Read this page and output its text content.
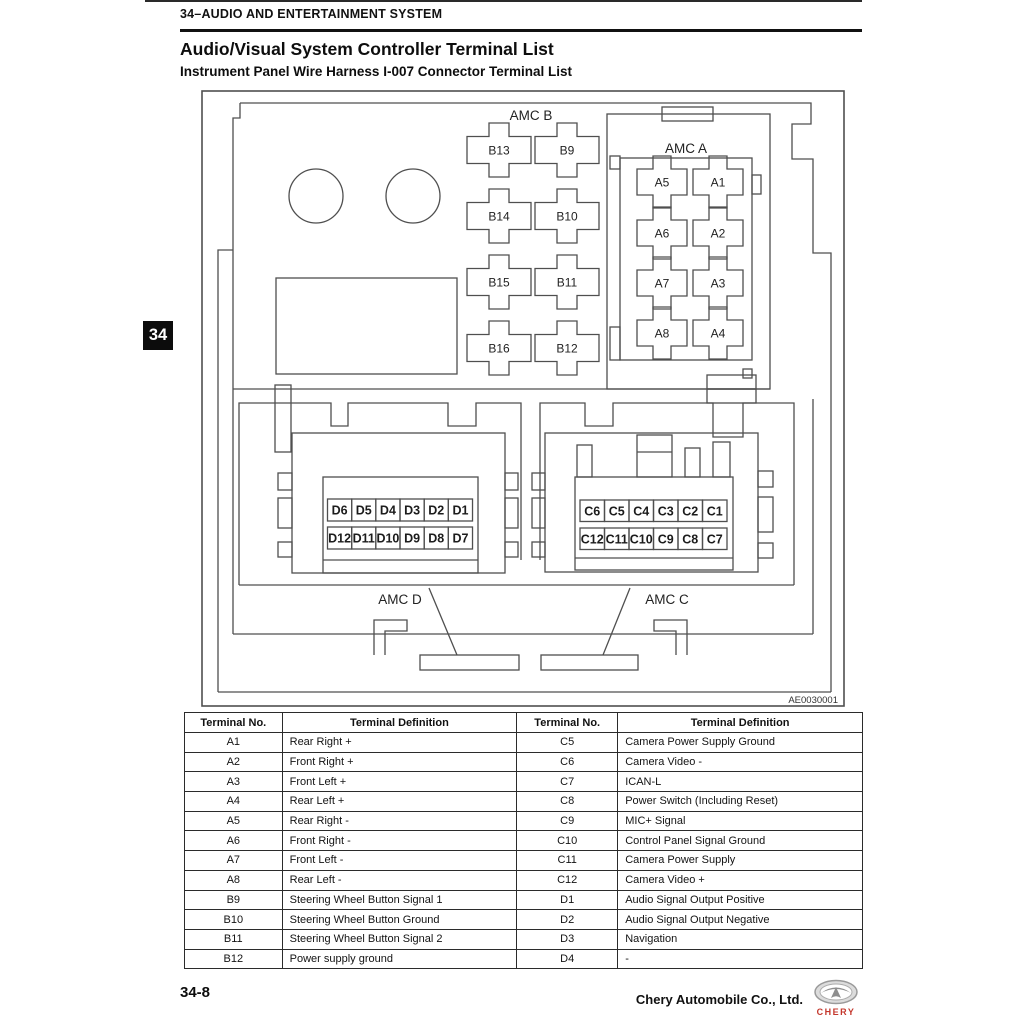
34–AUDIO AND ENTERTAINMENT SYSTEM
Audio/Visual System Controller Terminal List
Instrument Panel Wire Harness I-007 Connector Terminal List
34
AMC B
AMC A
AMC D	AMC C
AE0030001
B13	B9
B14	B10
B15	B11
B16	B12
A5	A1
A6	A2
A7	A3
A8	A4
D6 D5 D4 D3 D2 D1
D12 D11 D10 D9 D8 D7
C6 C5 C4 C3 C2 C1
C12 C11 C10 C9 C8 C7
Terminal No.	Terminal Definition	Terminal No.	Terminal Definition
A1	Rear Right +	C5	Camera Power Supply Ground
A2	Front Right +	C6	Camera Video -
A3	Front Left +	C7	ICAN-L
A4	Rear Left +	C8	Power Switch (Including Reset)
A5	Rear Right -	C9	MIC+ Signal
A6	Front Right -	C10	Control Panel Signal Ground
A7	Front Left -	C11	Camera Power Supply
A8	Rear Left -	C12	Camera Video +
B9	Steering Wheel Button Signal 1	D1	Audio Signal Output Positive
B10	Steering Wheel Button Ground	D2	Audio Signal Output Negative
B11	Steering Wheel Button Signal 2	D3	Navigation
B12	Power supply ground	D4	-
34-8	Chery Automobile Co., Ltd.
CHERY
